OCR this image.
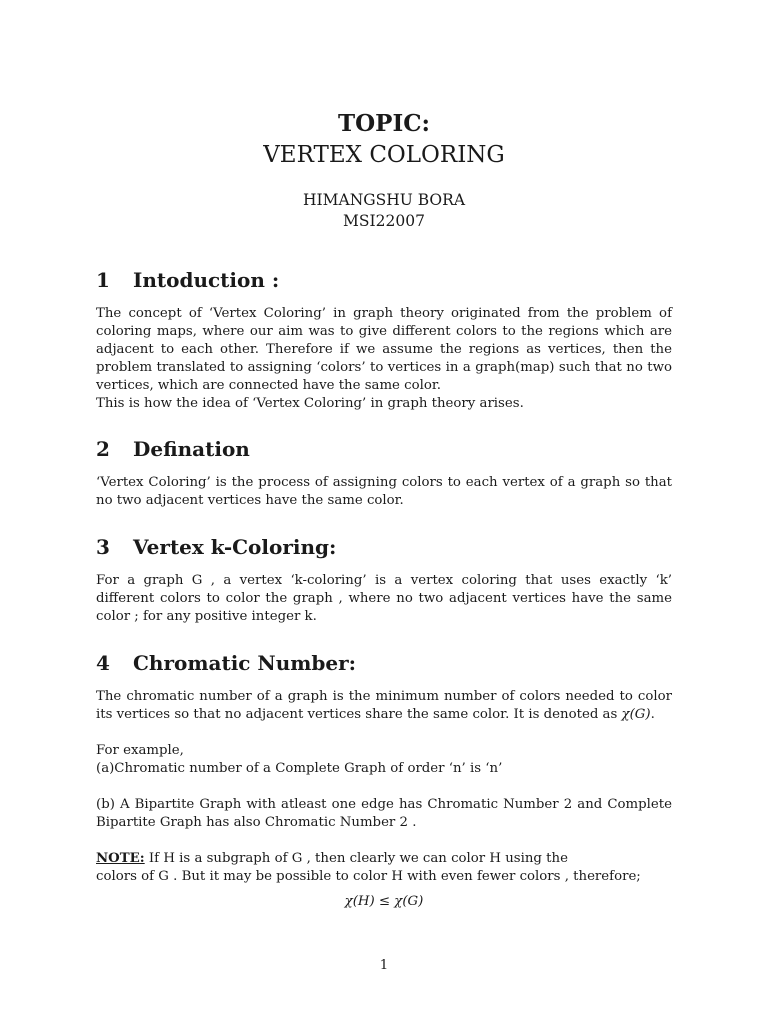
TOPIC:
VERTEX COLORING
HIMANGSHU BORA
MSI22007
1 Intoduction :

The concept of ‘Vertex Coloring’ in graph theory originated from the problem of coloring maps, where our aim was to give different colors to the regions which are adjacent to each other. Therefore if we assume the regions as vertices, then the problem translated to assigning ‘colors’ to vertices in a graph(map) such that no two vertices, which are connected have the same color.

This is how the idea of ‘Vertex Coloring’ in graph theory arises.

2 Defination

‘Vertex Coloring’ is the process of assigning colors to each vertex of a graph so that no two adjacent vertices have the same color.

3 Vertex k-Coloring:

For a graph G , a vertex ‘k-coloring’ is a vertex coloring that uses exactly ‘k’ different colors to color the graph , where no two adjacent vertices have the same color ; for any positive integer k.

4 Chromatic Number:

The chromatic number of a graph is the minimum number of colors needed to color its vertices so that no adjacent vertices share the same color. It is denoted as χ(G).

For example,

(a)Chromatic number of a Complete Graph of order ‘n’ is ‘n’

(b) A Bipartite Graph with atleast one edge has Chromatic Number 2 and Complete Bipartite Graph has also Chromatic Number 2 .

NOTE: If H is a subgraph of G , then clearly we can color H using the

colors of G . But it may be possible to color H with even fewer colors , therefore;

χ(H) ≤ χ(G)
1
